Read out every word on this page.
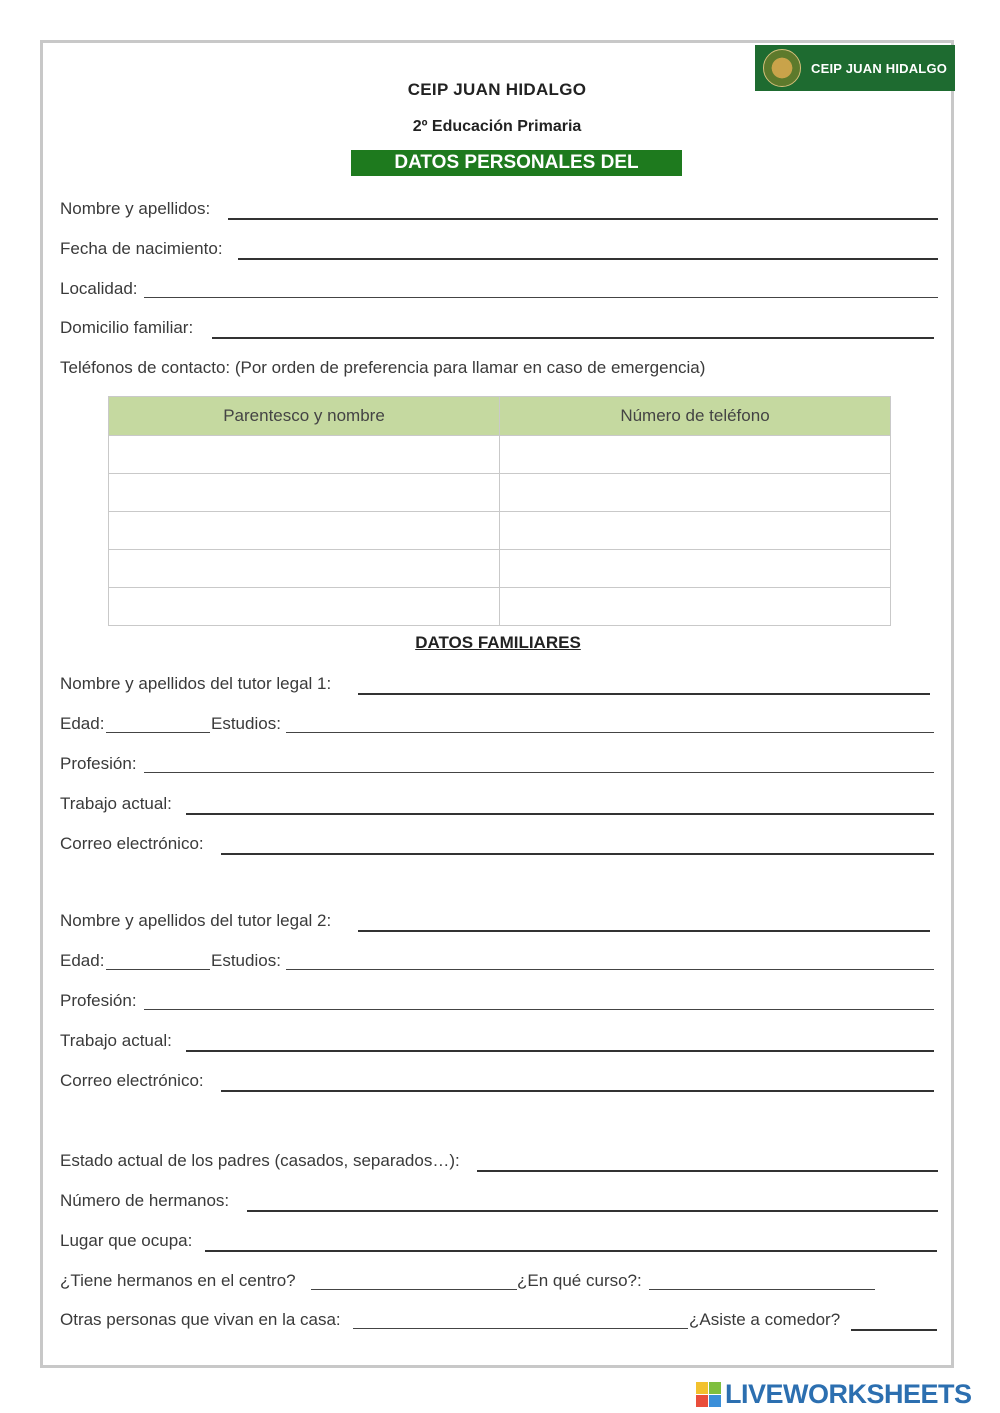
CEIP JUAN HIDALGO
2º Educación Primaria
DATOS PERSONALES DEL ALUMNO/A
CEIP JUAN HIDALGO
Nombre y apellidos:
Fecha de nacimiento:
Localidad:
Domicilio familiar:
Teléfonos de contacto: (Por orden de preferencia para llamar en caso de emergencia)
Parentesco y nombre	Número de teléfono

DATOS FAMILIARES
Nombre y apellidos del tutor legal 1:
Edad:	Estudios:
Profesión:
Trabajo actual:
Correo electrónico:
Nombre y apellidos del tutor legal 2:
Edad:	Estudios:
Profesión:
Trabajo actual:
Correo electrónico:
Estado actual de los padres (casados, separados…):
Número de hermanos:
Lugar que ocupa:
¿Tiene hermanos en el centro?	¿En qué curso?:
Otras personas que vivan en la casa:	¿Asiste a comedor?
LIVEWORKSHEETS
